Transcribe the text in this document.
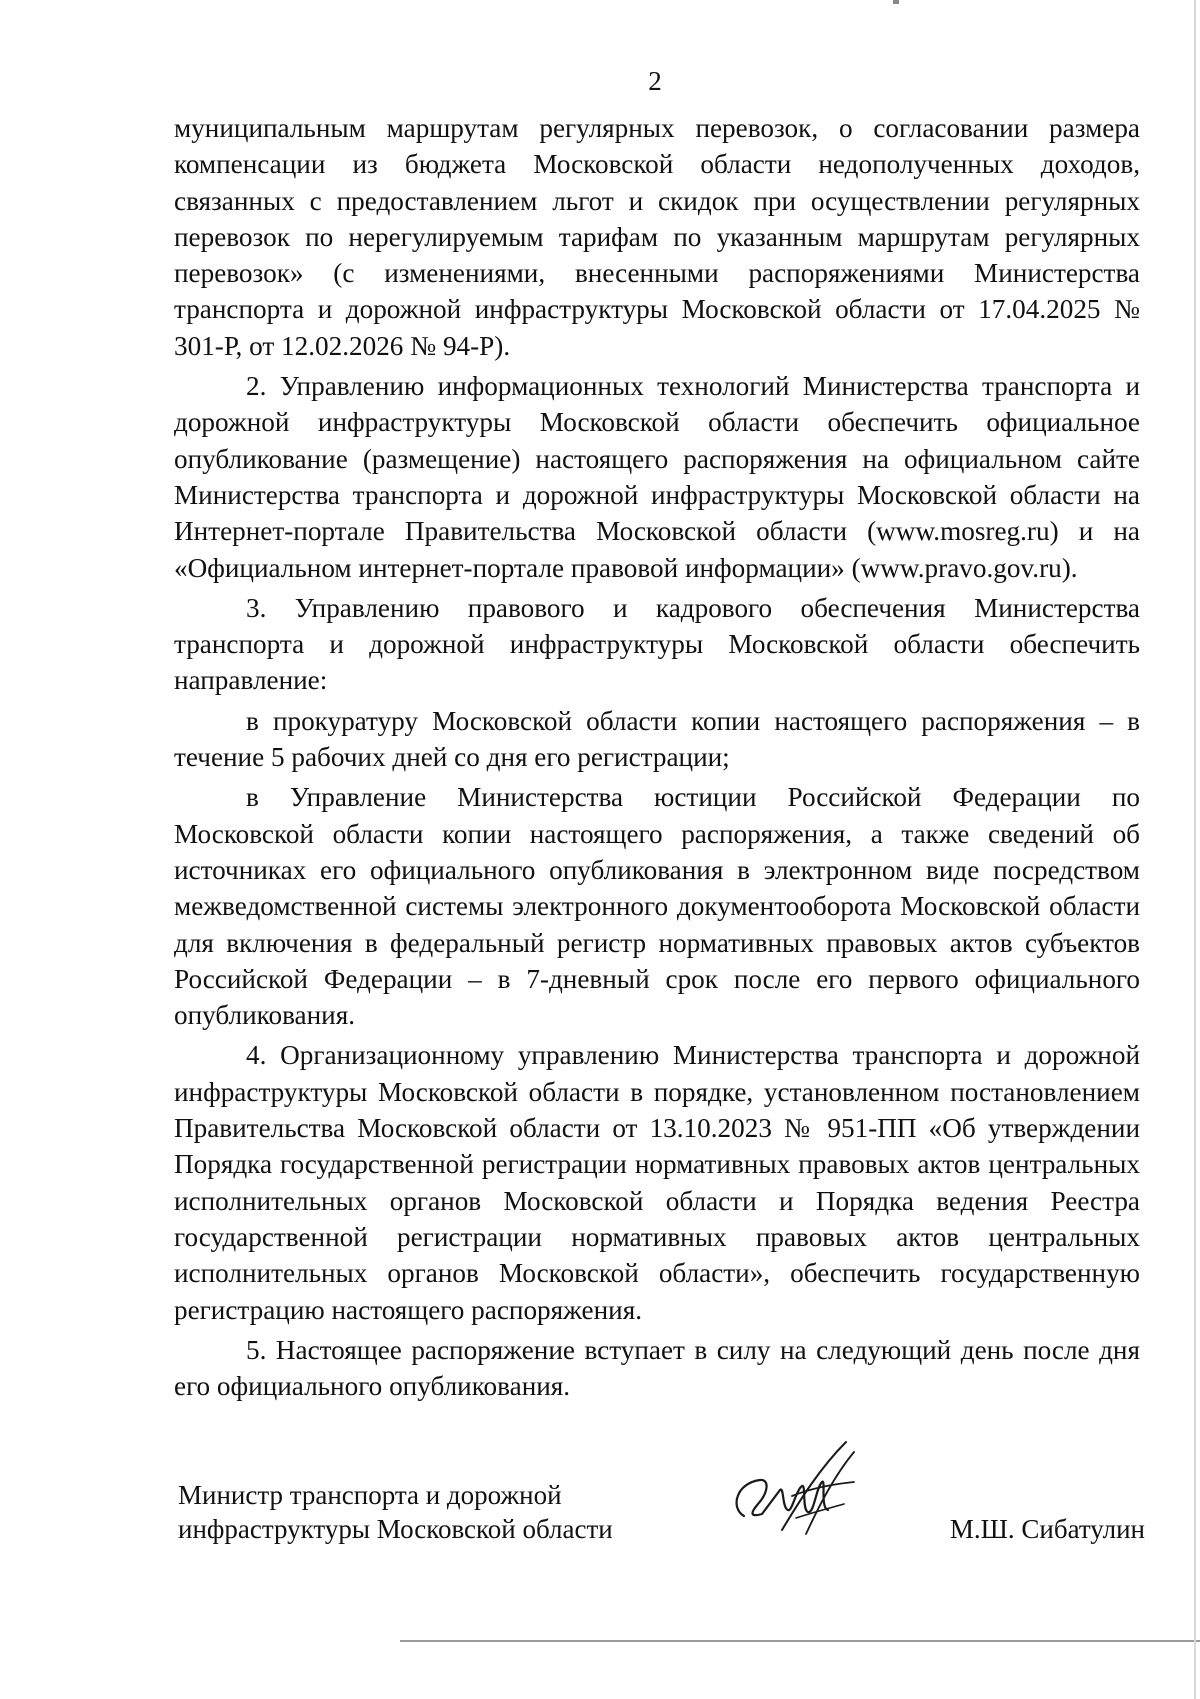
2

муниципальным маршрутам регулярных перевозок, о согласовании размера компенсации из бюджета Московской области недополученных доходов, связанных с предоставлением льгот и скидок при осуществлении регулярных перевозок по нерегулируемым тарифам по указанным маршрутам регулярных перевозок» (с изменениями, внесенными распоряжениями Министерства транспорта и дорожной инфраструктуры Московской области от 17.04.2025 № 301-Р, от 12.02.2026 № 94-Р).

2. Управлению информационных технологий Министерства транспорта и дорожной инфраструктуры Московской области обеспечить официальное опубликование (размещение) настоящего распоряжения на официальном сайте Министерства транспорта и дорожной инфраструктуры Московской области на Интернет-портале Правительства Московской области (www.mosreg.ru) и на «Официальном интернет-портале правовой информации» (www.pravo.gov.ru).

3. Управлению правового и кадрового обеспечения Министерства транспорта и дорожной инфраструктуры Московской области обеспечить направление:

в прокуратуру Московской области копии настоящего распоряжения – в течение 5 рабочих дней со дня его регистрации;

в Управление Министерства юстиции Российской Федерации по Московской области копии настоящего распоряжения, а также сведений об источниках его официального опубликования в электронном виде посредством межведомственной системы электронного документооборота Московской области для включения в федеральный регистр нормативных правовых актов субъектов Российской Федерации – в 7-дневный срок после его первого официального опубликования.

4. Организационному управлению Министерства транспорта и дорожной инфраструктуры Московской области в порядке, установленном постановлением Правительства Московской области от 13.10.2023 № 951-ПП «Об утверждении Порядка государственной регистрации нормативных правовых актов центральных исполнительных органов Московской области и Порядка ведения Реестра государственной регистрации нормативных правовых актов центральных исполнительных органов Московской области», обеспечить государственную регистрацию настоящего распоряжения.

5. Настоящее распоряжение вступает в силу на следующий день после дня его официального опубликования.

Министр транспорта и дорожной
инфраструктуры Московской области	М.Ш. Сибатулин
